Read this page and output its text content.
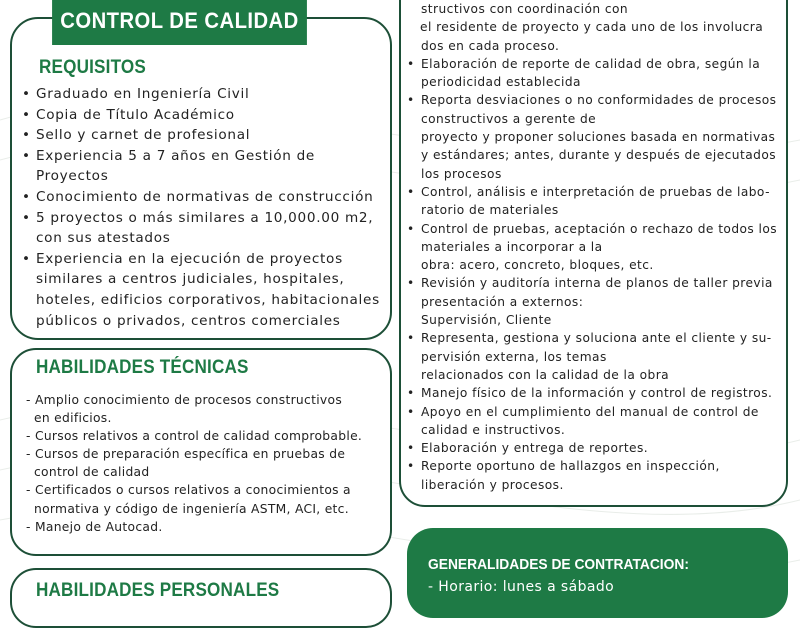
CONTROL DE CALIDAD
REQUISITOS
• Graduado en Ingeniería Civil
• Copia de Título Académico
• Sello y carnet de profesional
• Experiencia 5 a 7 años en Gestión de Proyectos
• Conocimiento de normativas de construcción
• 5 proyectos o más similares a 10,000.00 m2, con sus atestados
• Experiencia en la ejecución de proyectos similares a centros judiciales, hospitales, hoteles, edificios corporativos, habitacionales públicos o privados, centros comerciales
HABILIDADES TÉCNICAS
- Amplio conocimiento de procesos constructivos
en edificios.
- Cursos relativos a control de calidad comprobable.
- Cursos de preparación específica en pruebas de
control de calidad
- Certificados o cursos relativos a conocimientos a
normativa y código de ingeniería ASTM, ACI, etc.
- Manejo de Autocad.
HABILIDADES PERSONALES
structivos con coordinación con
el residente de proyecto y cada uno de los involucra
dos en cada proceso.
• Elaboración de reporte de calidad de obra, según la
periodicidad establecida
• Reporta desviaciones o no conformidades de procesos
constructivos a gerente de
proyecto y proponer soluciones basada en normativas
y estándares; antes, durante y después de ejecutados
los procesos
• Control, análisis e interpretación de pruebas de labo-
ratorio de materiales
• Control de pruebas, aceptación o rechazo de todos los
materiales a incorporar a la
obra: acero, concreto, bloques, etc.
• Revisión y auditoría interna de planos de taller previa
presentación a externos:
Supervisión, Cliente
• Representa, gestiona y soluciona ante el cliente y su-
pervisión externa, los temas
relacionados con la calidad de la obra
• Manejo físico de la información y control de registros.
• Apoyo en el cumplimiento del manual de control de
calidad e instructivos.
• Elaboración y entrega de reportes.
• Reporte oportuno de hallazgos en inspección,
liberación y procesos.
GENERALIDADES DE CONTRATACION:
- Horario: lunes a sábado
